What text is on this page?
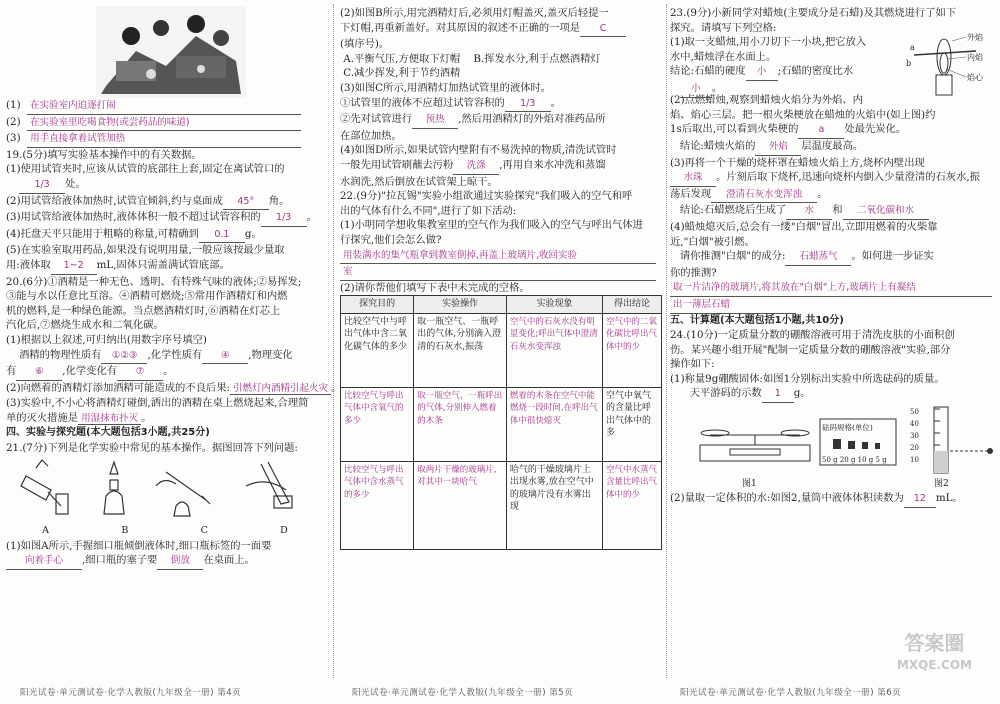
(1) 在实验室内追逐打闹
(2) 在实验室里吃喝食物(或尝药品的味道)
(3) 用手直接拿着试管加热
19.(5分)填写实验基本操作中的有关数据。
(1)使用试管夹时,应该从试管的底部往上套,固定在离试管口的
1/3 处。
(2)用试管给液体加热时,试管宜倾斜,约与桌面成 45° 角。
(3)用试管给液体加热时,液体体积一般不超过试管容积的 1/3 。
(4)托盘天平只能用于粗略的称量,可精确到 0.1 g。
(5)在实验室取用药品,如果没有说明用量,一般应该按最少量取
用:液体取 1~2 mL,固体只需盖满试管底部。
20.(6分)①酒精是一种无色、透明、有特殊气味的液体;②易挥发;
③能与水以任意比互溶。④酒精可燃烧;⑤常用作酒精灯和内燃
机的燃料,是一种绿色能源。当点燃酒精灯时,⑥酒精在灯芯上
汽化后,⑦燃烧生成水和二氧化碳。
(1)根据以上叙述,可归纳出(用数字序号填空)
酒精的物理性质有 ①②③ ,化学性质有 ④ ,物理变化
有 ⑥ ,化学变化有 ⑦ 。
(2)向燃着的酒精灯添加酒精可能造成的不良后果: 引燃灯内酒精引起火灾 。
(3)实验中,不小心将酒精灯碰倒,洒出的酒精在桌上燃烧起来,合理简
单的灭火措施是 用湿抹布扑灭 。
四、实验与探究题(本大题包括3小题,共25分)
21.(7分)下列是化学实验中常见的基本操作。据图回答下列问题:
A	B	C	D
(1)如图A所示,手握细口瓶倾倒液体时,细口瓶标签的一面要
向着手心 ,细口瓶的塞子要 倒放 在桌面上。
(2)如图B所示,用完酒精灯后,必须用灯帽盖灭,盖灭后轻提一
下灯帽,再重新盖好。对其原因的叙述不正确的一项是 C
(填序号)。
A.平衡气压,方便取下灯帽 B.挥发水分,利于点燃酒精灯
C.减少挥发,利于节约酒精
(3)如图C所示,用酒精灯加热试管里的液体时。
①试管里的液体不应超过试管容积的 1/3 。
②先对试管进行 预热 ,然后用酒精灯的外焰对准药品所
在部位加热。
(4)如图D所示,如果试管内壁附有不易洗掉的物质,清洗试管时
一般先用试管刷蘸去污粉 洗涤 ,再用自来水冲洗和蒸馏
水润洗,然后倒放在试管架上晾干。
22.(9分)"拉瓦锡"实验小组欲通过实验探究"我们吸入的空气和呼
出的气体有什么不同",进行了如下活动:
(1)小明同学想收集教室里的空气作为我们吸入的空气与呼出气体进
行探究,他们会怎么做?
用装满水的集气瓶拿到教室倒掉,再盖上玻璃片,收回实验
室
(2)请你帮他们填写下表中未完成的空格。
探究目的	实验操作	实验现象	得出结论
比较空气中与呼出气体中含二氧化碳气体的多少	取一瓶空气、一瓶呼出的气体,分别滴入澄清的石灰水,振荡	空气中的石灰水没有明显变化;呼出气体中澄清石灰水变浑浊	空气中的二氧化碳比呼出气体中的少
比较空气与呼出气体中含氧气的多少	取一瓶空气、一瓶呼出的气体,分别伸入燃着的木条	燃着的木条在空气中能燃烧一段时间,在呼出气体中很快熄灭	空气中氧气的含量比呼出气体中的多
比较空气与呼出气体中含水蒸气的多少	取两片干燥的玻璃片,对其中一块哈气	哈气的干燥玻璃片上出现水雾,放在空气中的玻璃片没有水雾出现	空气中水蒸气含量比呼出气体中的少
23.(9分)小新同学对蜡烛(主要成分是石蜡)及其燃烧进行了如下
探究。请填写下列空格:
(1)取一支蜡烛,用小刀切下一小块,把它放入
水中,蜡烛浮在水面上。
结论:石蜡的硬度 小 ;石蜡的密度比水
小 。
外焰
内焰
焰心
a
b
(2)点燃蜡烛,观察到蜡烛火焰分为外焰、内
焰、焰心三层。把一根火柴梗放在蜡烛的火焰中(如上图)约
1s后取出,可以看到火柴梗的 a 处最先炭化。
结论:蜡烛火焰的 外焰 层温度最高。
(3)再将一个干燥的烧杯罩在蜡烛火焰上方,烧杯内壁出现
水珠 。片刻后取下烧杯,迅速向烧杯内倒入少量澄清的石灰水,振
荡后发现 澄清石灰水变浑浊 。
结论:石蜡燃烧后生成了 水 和 二氧化碳和水
(4)蜡烛熄灭后,总会有一缕"白烟"冒出,立即用燃着的火柴靠
近,"白烟"被引燃。
请你推测"白烟"的成分: 石蜡蒸气 。如何进一步证实
你的推测?
取一片洁净的玻璃片,将其放在"白烟"上方,玻璃片上有凝结
出一薄层石蜡
五、计算题(本大题包括1小题,共10分)
24.(10分)一定质量分数的硼酸溶液可用于清洗皮肤的小面积创
伤。某兴趣小组开展"配制一定质量分数的硼酸溶液"实验,部分
操作如下:
(1)称量9g硼酸固体:如图1分别标出实验中所选砝码的质量。
天平游码的示数 1 g。
砝码规格(单位)
50 g 20 g 10 g 5 g
图1
50
40
30
20
10
图2
(2)量取一定体积的水:如图2,量筒中液体体积读数为 12 mL。
答案圈
MXQE.COM
阳光试卷·单元测试卷·化学人教版(九年级全一册) 第4页	阳光试卷·单元测试卷·化学人教版(九年级全一册) 第5页	阳光试卷·单元测试卷·化学人教版(九年级全一册) 第6页
